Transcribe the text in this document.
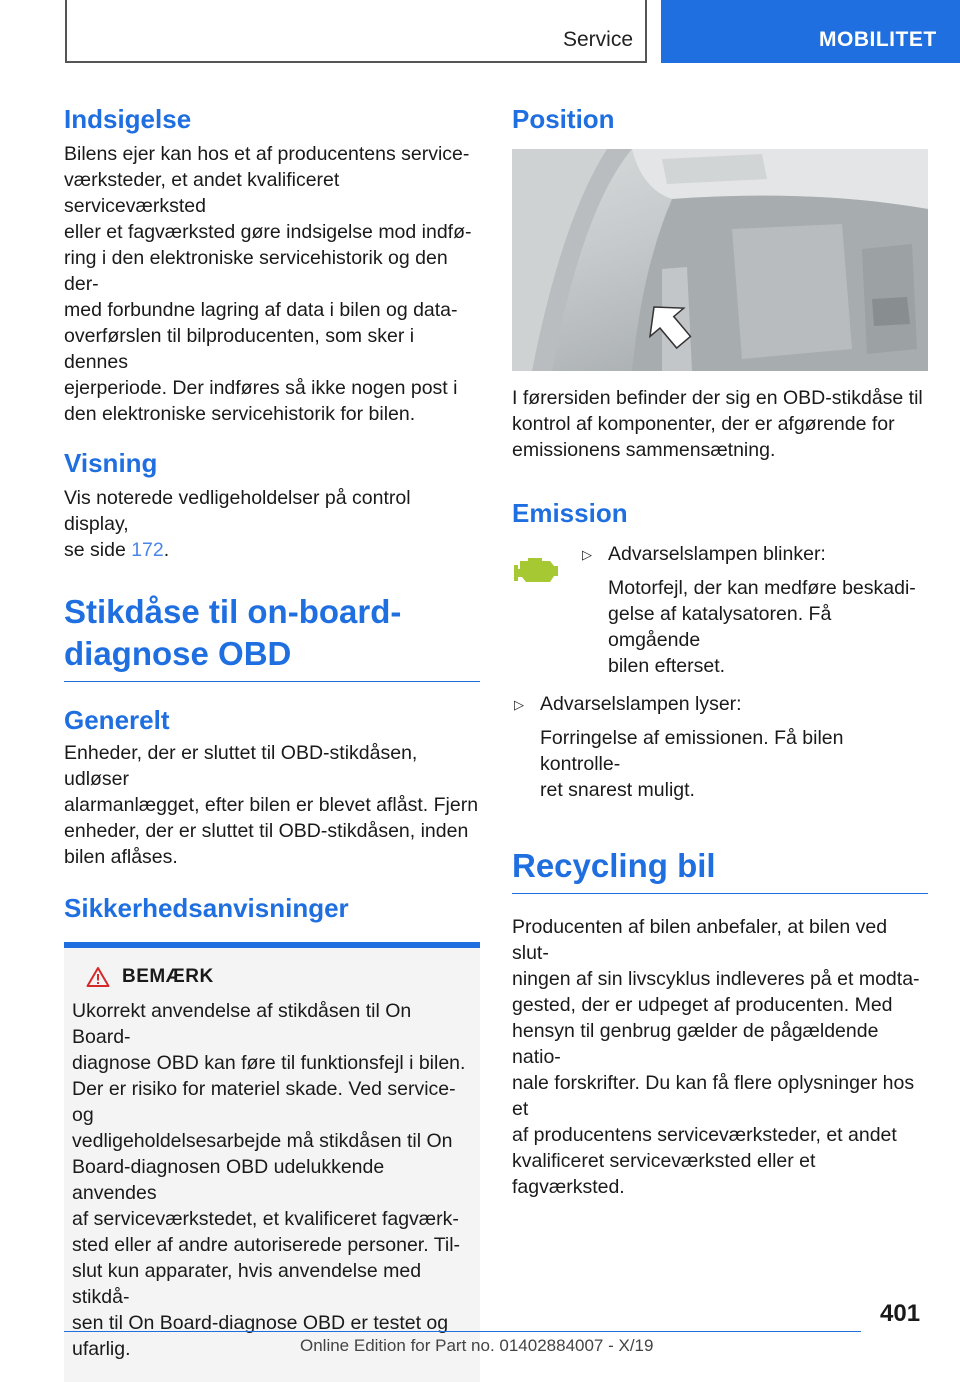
Service	MOBILITET
Indsigelse

Bilens ejer kan hos et af producentens service‐

værksteder, et andet kvalificeret serviceværksted

eller et fagværksted gøre indsigelse mod indfø‐

ring i den elektroniske servicehistorik og den der‐

med forbundne lagring af data i bilen og data‐

overførslen til bilproducenten, som sker i dennes

ejerperiode. Der indføres så ikke nogen post i

den elektroniske servicehistorik for bilen.

Visning

Vis noterede vedligeholdelser på control display,

se side 172.

Stikdåse til on-board-
diagnose OBD
Generelt

Enheder, der er sluttet til OBD-stikdåsen, udløser

alarmanlægget, efter bilen er blevet aflåst. Fjern

enheder, der er sluttet til OBD-stikdåsen, inden

bilen aflåses.

Sikkerhedsanvisninger
BEMÆRK

Ukorrekt anvendelse af stikdåsen til On Board-

diagnose OBD kan føre til funktionsfejl i bilen.

Der er risiko for materiel skade. Ved service- og

vedligeholdelsesarbejde må stikdåsen til On

Board-diagnosen OBD udelukkende anvendes

af serviceværkstedet, et kvalificeret fagværk‐

sted eller af andre autoriserede personer. Til‐

slut kun apparater, hvis anvendelse med stikdå‐

sen til On Board-diagnose OBD er testet og

ufarlig.

Position

I førersiden befinder der sig en OBD-stikdåse til

kontrol af komponenter, der er afgørende for

emissionens sammensætning.

Emission
▷ Advarselslampen blinker:

Motorfejl, der kan medføre beskadi‐

gelse af katalysatoren. Få omgående

bilen efterset.

▷ Advarselslampen lyser:

Forringelse af emissionen. Få bilen kontrolle‐

ret snarest muligt.

Recycling bil

Producenten af bilen anbefaler, at bilen ved slut‐

ningen af sin livscyklus indleveres på et modta‐

gested, der er udpeget af producenten. Med

hensyn til genbrug gælder de pågældende natio‐

nale forskrifter. Du kan få flere oplysninger hos et

af producentens serviceværksteder, et andet

kvalificeret serviceværksted eller et fagværksted.

401
Online Edition for Part no. 01402884007 - X/19
